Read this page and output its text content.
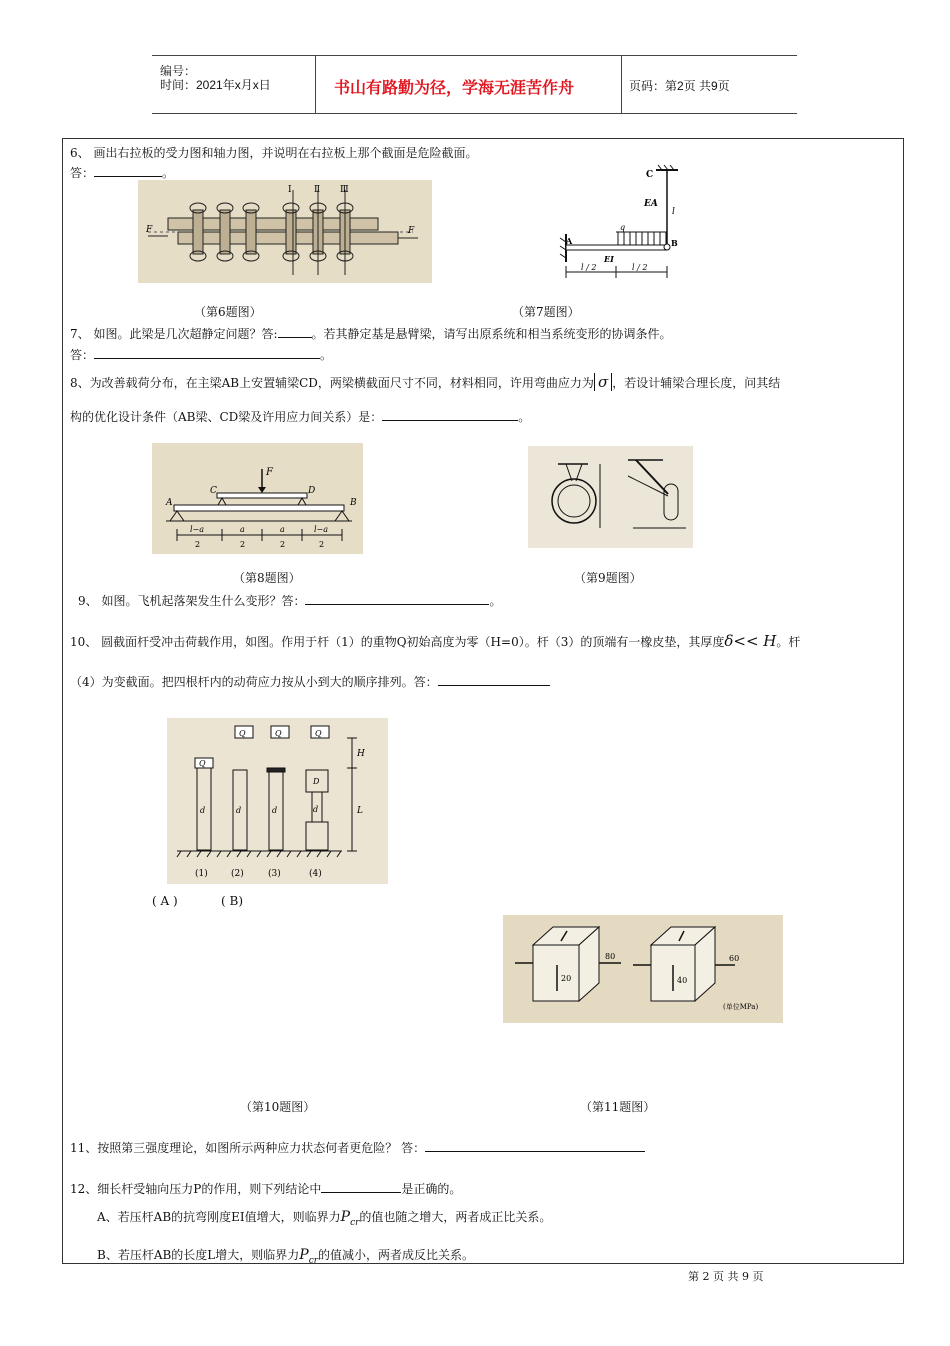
编号：
时间：2021年x月x日	书山有路勤为径，学海无涯苦作舟	页码：第2页 共9页
6、 画出右拉板的受力图和轴力图，并说明在右拉板上那个截面是危险截面。
答：	。
F	F
Ⅰ Ⅱ Ⅲ
C
EA
l
q
A	B
EI
l / 2	l / 2
（第6题图）	（第7题图）
7、 如图。此梁是几次超静定问题？答:	。若其静定基是悬臂梁，请写出原系统和相当系统变形的协调条件。
答：	。
8、为改善载荷分布，在主梁AB上安置辅梁CD，两梁横截面尺寸不同，材料相同，许用弯曲应力为 σ ，若设计辅梁合理长度，问其结
构的优化设计条件（AB梁、CD梁及许用应力间关系）是：	。
F
A
C	D
B
l−a
2
a
2
a
2
l−a
2
（第8题图）	（第9题图）
9、 如图。飞机起落架发生什么变形？答：	。
10、 圆截面杆受冲击荷载作用，如图。作用于杆（1）的重物Q初始高度为零（H=0）。杆（3）的顶端有一橡皮垫，其厚度δ<< H。杆
（4）为变截面。把四根杆内的动荷应力按从小到大的顺序排列。答：
Q	Q	Q
Q
H
L
d	d	d
D
d
(1)	(2)	(3)	(4)
( A )	( B)
80
20
60
40
(单位MPa)
（第10题图）	（第11题图）
11、按照第三强度理论，如图所示两种应力状态何者更危险？ 答：
12、细长杆受轴向压力P的作用，则下列结论中	是正确的。
A、若压杆AB的抗弯刚度EI值增大，则临界力$P_{cr}$的值也随之增大，两者成正比关系。
B、若压杆AB的长度L增大，则临界力$P_{cr}$的值减小，两者成反比关系。
第 2 页 共 9 页
